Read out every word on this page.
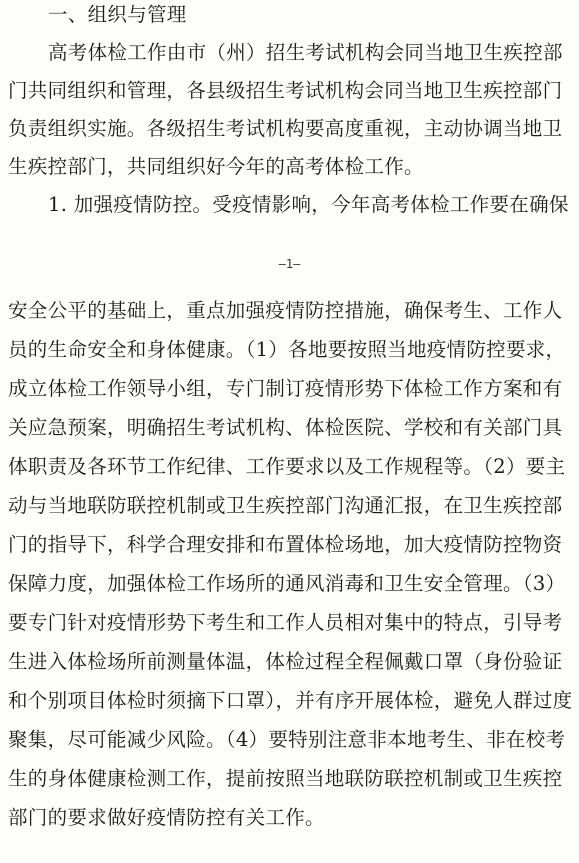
一、组织与管理
高考体检工作由市（州）招生考试机构会同当地卫生疾控部
门共同组织和管理，各县级招生考试机构会同当地卫生疾控部门
负责组织实施。各级招生考试机构要高度重视，主动协调当地卫
生疾控部门，共同组织好今年的高考体检工作。
1. 加强疫情防控。受疫情影响，今年高考体检工作要在确保
—1—
安全公平的基础上，重点加强疫情防控措施，确保考生、工作人
员的生命安全和身体健康。（1）各地要按照当地疫情防控要求，
成立体检工作领导小组，专门制订疫情形势下体检工作方案和有
关应急预案，明确招生考试机构、体检医院、学校和有关部门具
体职责及各环节工作纪律、工作要求以及工作规程等。（2）要主
动与当地联防联控机制或卫生疾控部门沟通汇报，在卫生疾控部
门的指导下，科学合理安排和布置体检场地，加大疫情防控物资
保障力度，加强体检工作场所的通风消毒和卫生安全管理。（3）
要专门针对疫情形势下考生和工作人员相对集中的特点，引导考
生进入体检场所前测量体温，体检过程全程佩戴口罩（身份验证
和个别项目体检时须摘下口罩），并有序开展体检，避免人群过度
聚集，尽可能减少风险。（4）要特别注意非本地考生、非在校考
生的身体健康检测工作，提前按照当地联防联控机制或卫生疾控
部门的要求做好疫情防控有关工作。
